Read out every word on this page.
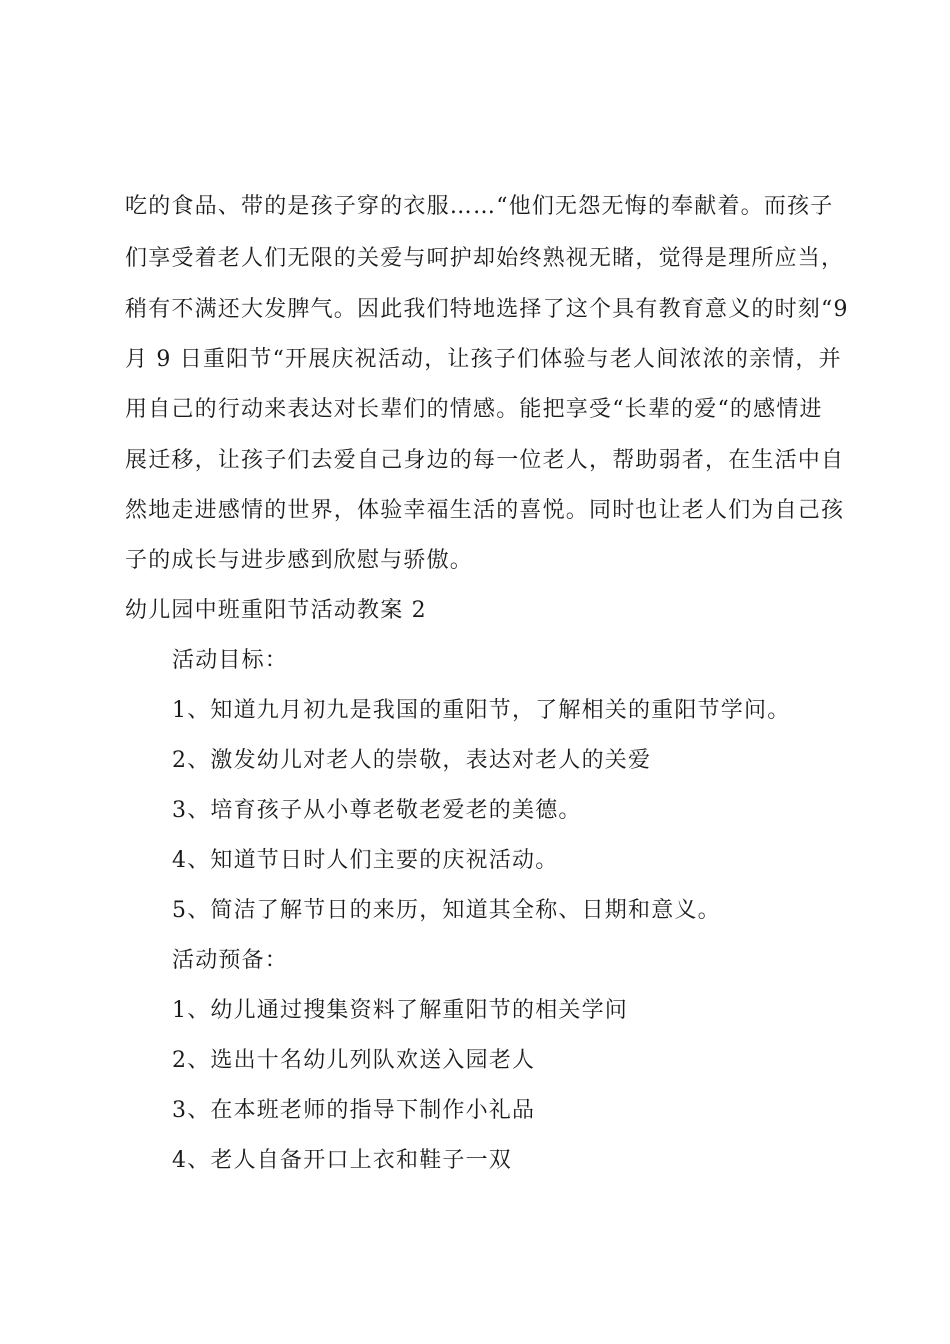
吃的食品、带的是孩子穿的衣服……“他们无怨无悔的奉献着。而孩子
们享受着老人们无限的关爱与呵护却始终熟视无睹，觉得是理所应当，
稍有不满还大发脾气。因此我们特地选择了这个具有教育意义的时刻“9
月 9 日重阳节“开展庆祝活动，让孩子们体验与老人间浓浓的亲情，并
用自己的行动来表达对长辈们的情感。能把享受“长辈的爱“的感情进
展迁移，让孩子们去爱自己身边的每一位老人，帮助弱者，在生活中自
然地走进感情的世界，体验幸福生活的喜悦。同时也让老人们为自己孩
子的成长与进步感到欣慰与骄傲。
幼儿园中班重阳节活动教案 2
活动目标：
1、知道九月初九是我国的重阳节，了解相关的重阳节学问。
2、激发幼儿对老人的崇敬，表达对老人的关爱
3、培育孩子从小尊老敬老爱老的美德。
4、知道节日时人们主要的庆祝活动。
5、简洁了解节日的来历，知道其全称、日期和意义。
活动预备：
1、幼儿通过搜集资料了解重阳节的相关学问
2、选出十名幼儿列队欢送入园老人
3、在本班老师的指导下制作小礼品
4、老人自备开口上衣和鞋子一双
